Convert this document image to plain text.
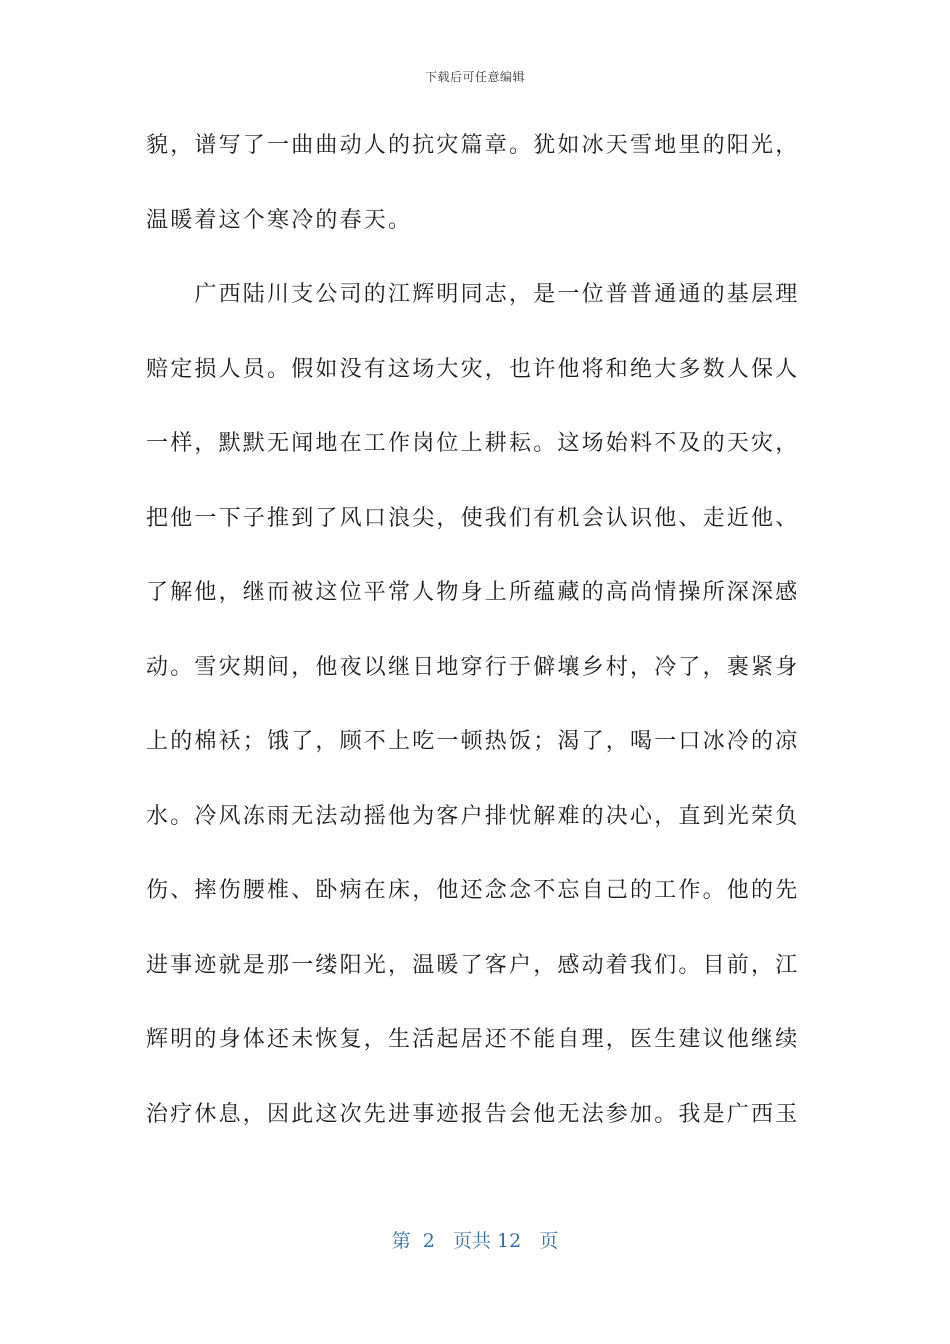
下载后可任意编辑
貌，谱写了一曲曲动人的抗灾篇章。犹如冰天雪地里的阳光，
温暖着这个寒冷的春天。
　　广西陆川支公司的江辉明同志，是一位普普通通的基层理
赔定损人员。假如没有这场大灾，也许他将和绝大多数人保人
一样，默默无闻地在工作岗位上耕耘。这场始料不及的天灾，
把他一下子推到了风口浪尖，使我们有机会认识他、走近他、
了解他，继而被这位平常人物身上所蕴藏的高尚情操所深深感
动。雪灾期间，他夜以继日地穿行于僻壤乡村，冷了，裹紧身
上的棉袄；饿了，顾不上吃一顿热饭；渴了，喝一口冰冷的凉
水。冷风冻雨无法动摇他为客户排忧解难的决心，直到光荣负
伤、摔伤腰椎、卧病在床，他还念念不忘自己的工作。他的先
进事迹就是那一缕阳光，温暖了客户，感动着我们。目前，江
辉明的身体还未恢复，生活起居还不能自理，医生建议他继续
治疗休息，因此这次先进事迹报告会他无法参加。我是广西玉
第  2   页共 12   页
